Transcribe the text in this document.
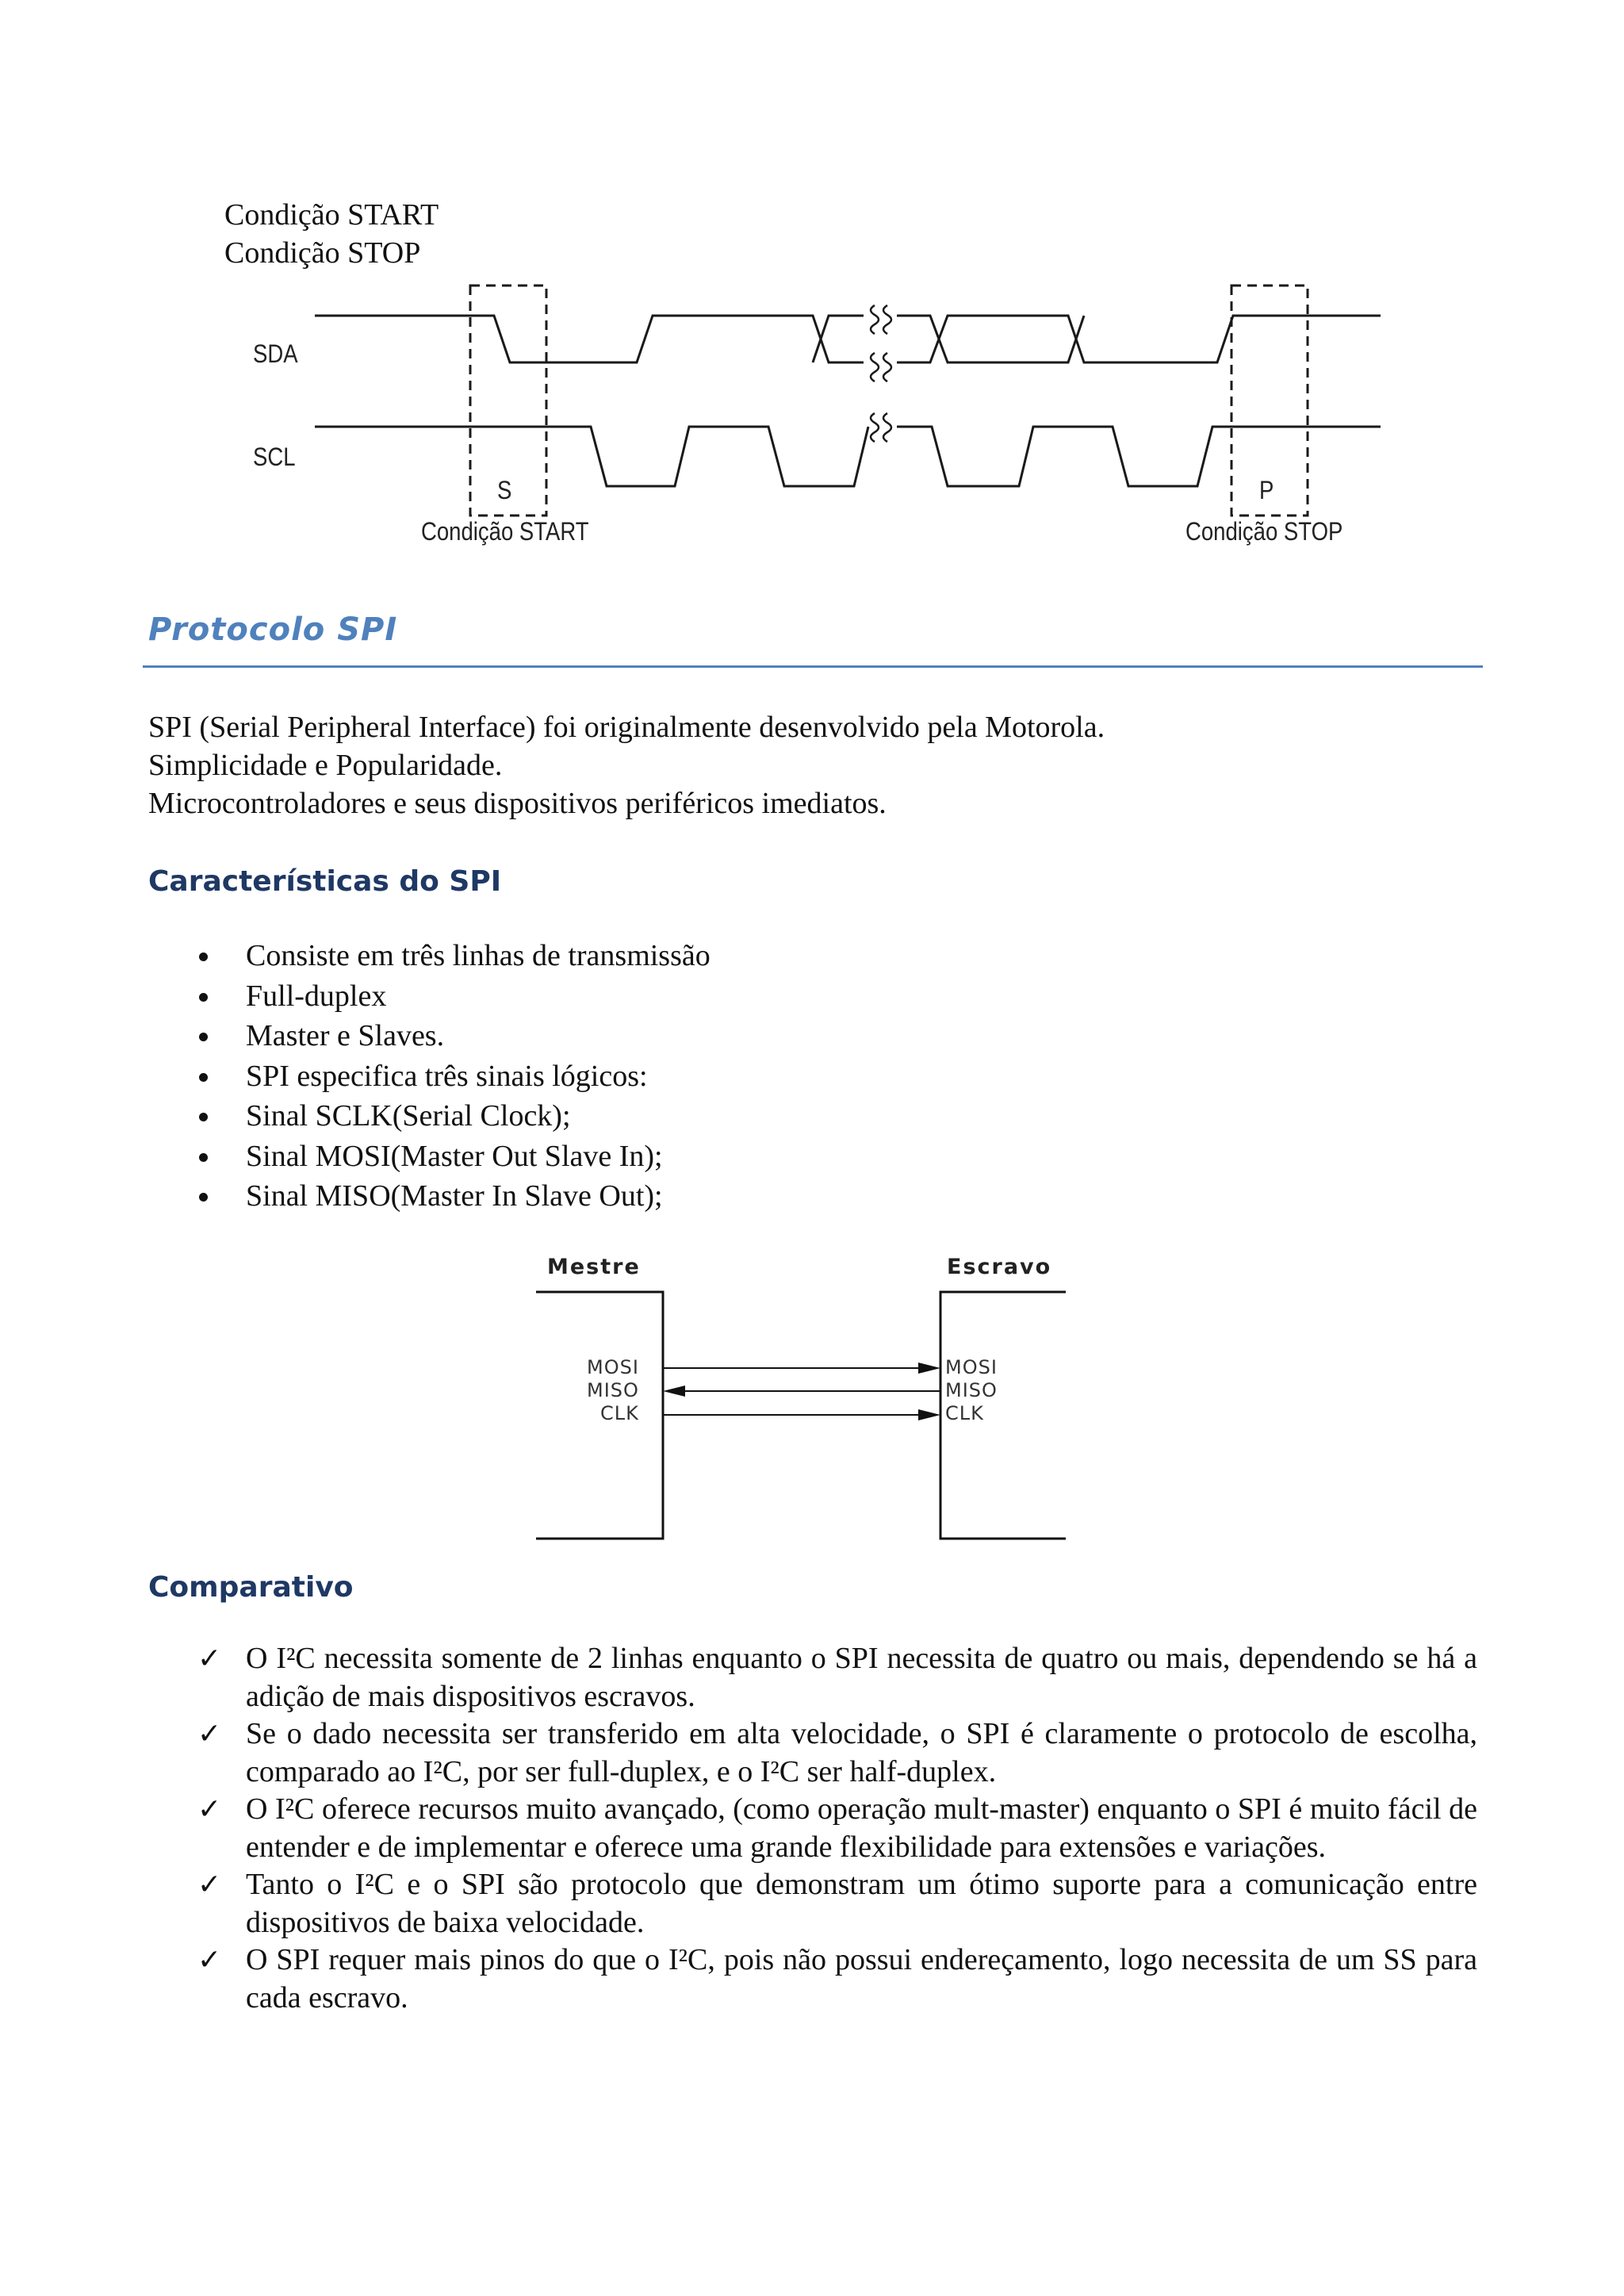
Condição START
Condição STOP
SDA
SCL
S	P
Condição START	Condição STOP
Protocolo SPI
SPI (Serial Peripheral Interface) foi originalmente desenvolvido pela Motorola.
Simplicidade e Popularidade.
Microcontroladores e seus dispositivos periféricos imediatos.
Características do SPI
Consiste em três linhas de transmissão
Full-duplex
Master e Slaves.
SPI especifica três sinais lógicos:
Sinal SCLK(Serial Clock);
Sinal MOSI(Master Out Slave In);
Sinal MISO(Master In Slave Out);
Mestre	Escravo
MOSI
MISO
CLK
MOSI
MISO
CLK
Comparativo
✓ O I²C necessita somente de 2 linhas enquanto o SPI necessita de quatro ou mais, dependendo se há a adição de mais dispositivos escravos.
✓ Se o dado necessita ser transferido em alta velocidade, o SPI é claramente o protocolo de escolha, comparado ao I²C, por ser full-duplex, e o I²C ser half-duplex.
✓ O I²C oferece recursos muito avançado, (como operação mult-master) enquanto o SPI é muito fácil de entender e de implementar e oferece uma grande flexibilidade para extensões e variações.
✓ Tanto o I²C e o SPI são protocolo que demonstram um ótimo suporte para a comunicação entre dispositivos de baixa velocidade.
✓ O SPI requer mais pinos do que o I²C, pois não possui endereçamento, logo necessita de um SS para cada escravo.
